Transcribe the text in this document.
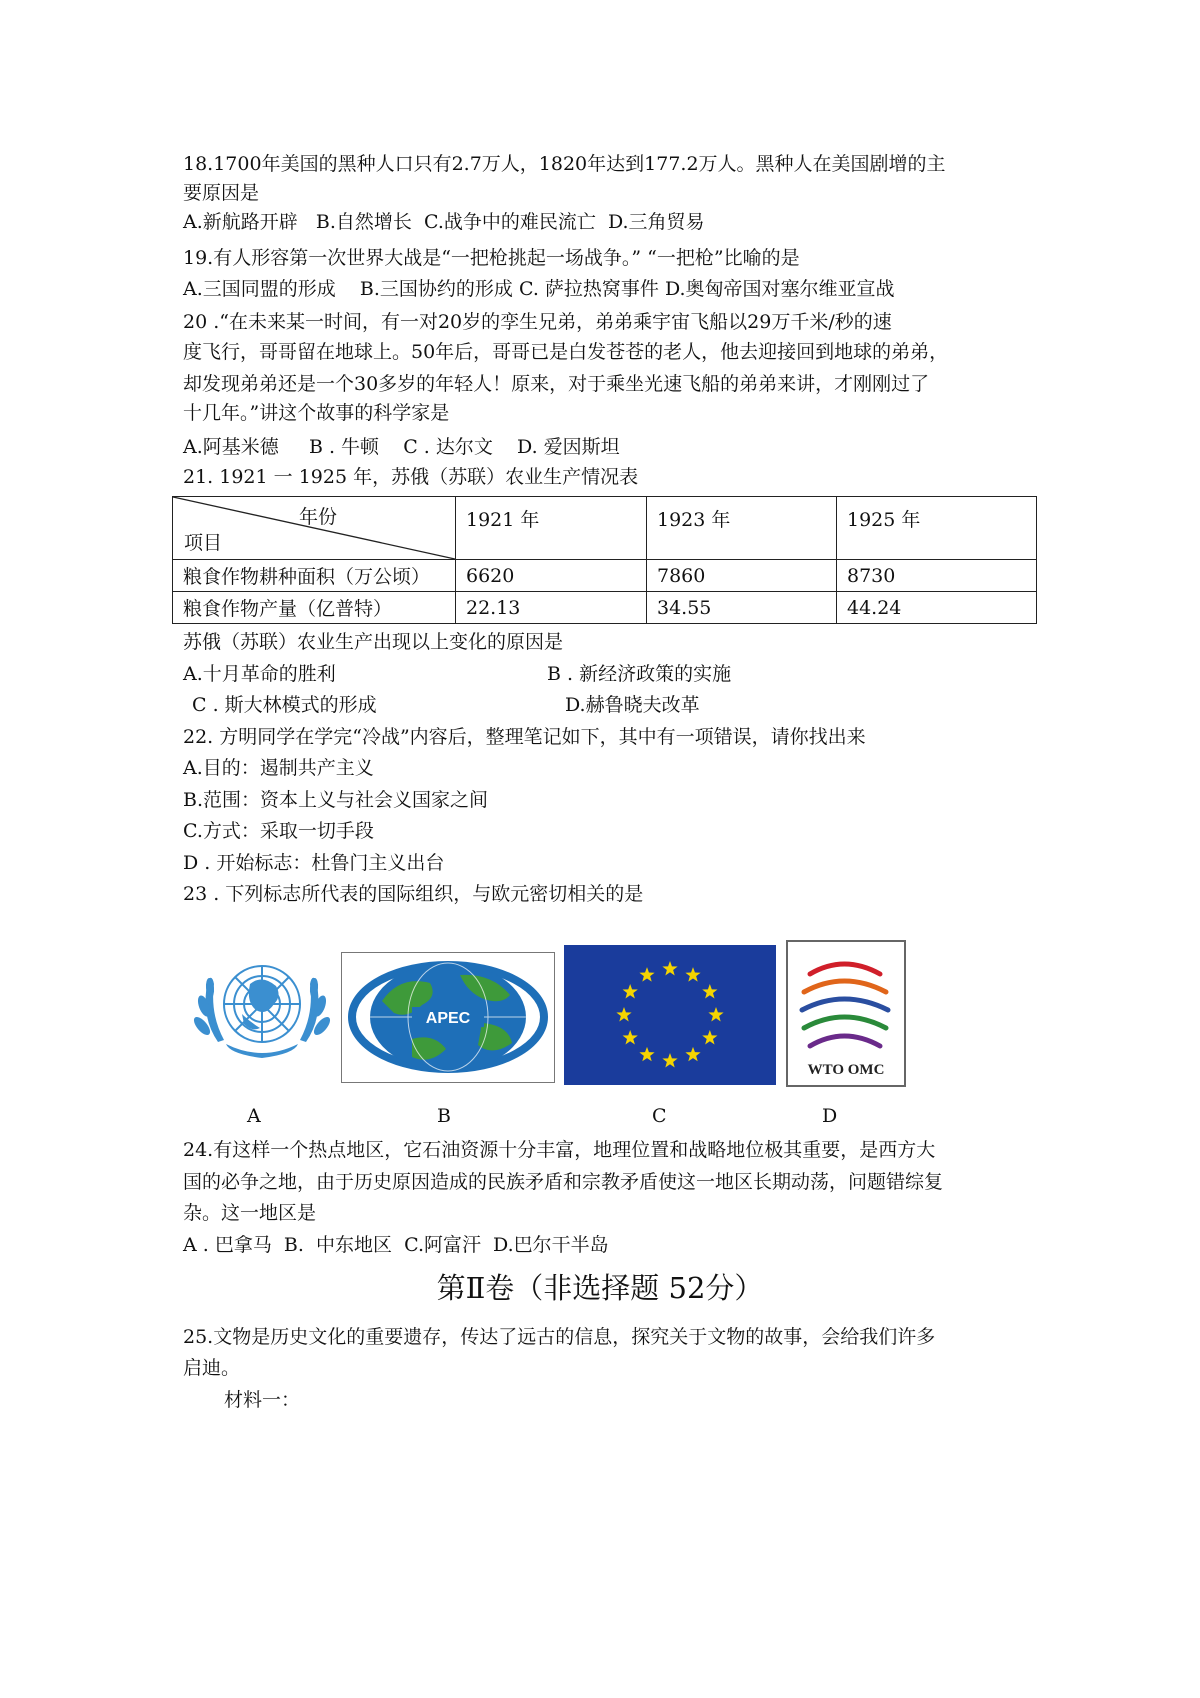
18.1700年美国的黑种人口只有2.7万人，1820年达到177.2万人。黑种人在美国剧增的主
要原因是
A.新航路开辟   B.自然增长  C.战争中的难民流亡  D.三角贸易
19.有人形容第一次世界大战是“一把枪挑起一场战争。” “一把枪”比喻的是
A.三国同盟的形成    B.三国协约的形成 C. 萨拉热窝事件 D.奥匈帝国对塞尔维亚宣战
20 .“在未来某一时间，有一对20岁的孪生兄弟，弟弟乘宇宙飞船以29万千米/秒的速
度飞行，哥哥留在地球上。50年后，哥哥已是白发苍苍的老人，他去迎接回到地球的弟弟，
却发现弟弟还是一个30多岁的年轻人！原来，对于乘坐光速飞船的弟弟来讲，才刚刚过了
十几年。”讲这个故事的科学家是
A.阿基米德     B . 牛顿    C . 达尔文    D. 爱因斯坦
21. 1921 一 1925 年，苏俄（苏联）农业生产情况表
年份
项目	1921 年	1923 年	1925 年
粮食作物耕种面积（万公顷）	6620	7860	8730
粮食作物产量（亿普特）	22.13	34.55	44.24
苏俄（苏联）农业生产出现以上变化的原因是
A.十月革命的胜利	B . 新经济政策的实施
C . 斯大林模式的形成	D.赫鲁晓夫改革
22. 方明同学在学完“冷战”内容后，整理笔记如下，其中有一项错误，请你找出来
A.目的：遏制共产主义
B.范围：资本上义与社会义国家之间
C.方式：采取一切手段
D . 开始标志：杜鲁门主义出台
23 . 下列标志所代表的国际组织，与欧元密切相关的是
APEC
WTO OMC
A	B	C	D
24.有这样一个热点地区，它石油资源十分丰富，地理位置和战略地位极其重要，是西方大
国的必争之地，由于历史原因造成的民族矛盾和宗教矛盾使这一地区长期动荡，问题错综复
杂。这一地区是
A . 巴拿马  B.  中东地区  C.阿富汗  D.巴尔干半岛
第Ⅱ卷（非选择题 52分）
25.文物是历史文化的重要遗存，传达了远古的信息，探究关于文物的故事，会给我们许多
启迪。
材料一：
